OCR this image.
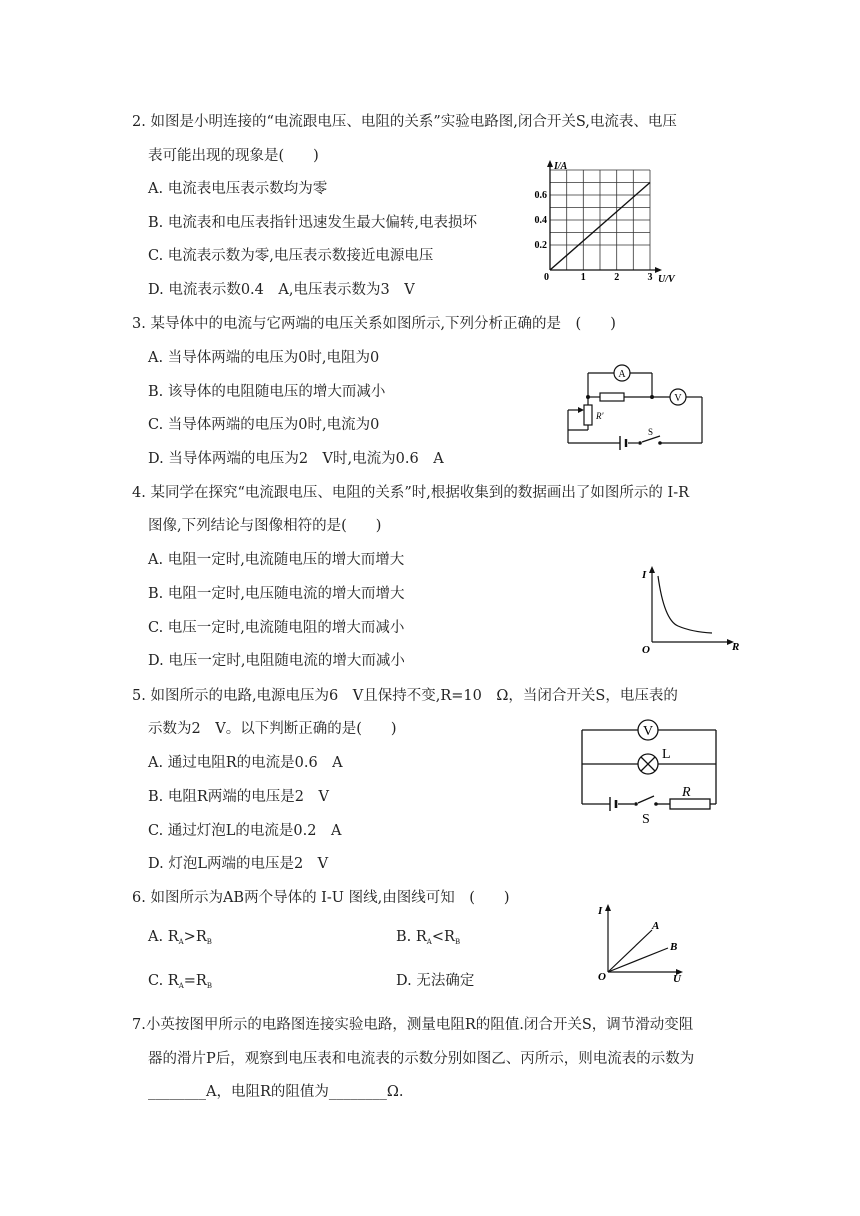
2. 如图是小明连接的“电流跟电压、电阻的关系”实验电路图,闭合开关S,电流表、电压
表可能出现的现象是(　　)
A. 电流表电压表示数均为零
B. 电流表和电压表指针迅速发生最大偏转,电表损坏
C. 电流表示数为零,电压表示数接近电源电压
D. 电流表示数0.4　A,电压表示数为3　V
I/A
U/V
0
0.2
0.4
0.6
1	2	3
3. 某导体中的电流与它两端的电压关系如图所示,下列分析正确的是　(　　)
A. 当导体两端的电压为0时,电阻为0
B. 该导体的电阻随电压的增大而减小
C. 当导体两端的电压为0时,电流为0
D. 当导体两端的电压为2　V时,电流为0.6　A
A
V
R'
S
4. 某同学在探究“电流跟电压、电阻的关系”时,根据收集到的数据画出了如图所示的 I-R
图像,下列结论与图像相符的是(　　)
A. 电阻一定时,电流随电压的增大而增大
B. 电阻一定时,电压随电流的增大而增大
C. 电压一定时,电流随电阻的增大而减小
D. 电压一定时,电阻随电流的增大而减小
I
R
O
5. 如图所示的电路,电源电压为6　V且保持不变,R=10　Ω，当闭合开关S，电压表的
示数为2　V。以下判断正确的是(　　)
A. 通过电阻R的电流是0.6　A
B. 电阻R两端的电压是2　V
C. 通过灯泡L的电流是0.2　A
D. 灯泡L两端的电压是2　V
V
L
R
S
6. 如图所示为AB两个导体的 I-U 图线,由图线可知　(　　)
A. $R_A>R_B$	B. $R_A<R_B$
C. $R_A=R_B$	D. 无法确定
I
U
O
A
B
7.小英按图甲所示的电路图连接实验电路，测量电阻R的阻值.闭合开关S，调节滑动变阻
器的滑片P后，观察到电压表和电流表的示数分别如图乙、丙所示，则电流表的示数为
________A，电阻R的阻值为________Ω.
